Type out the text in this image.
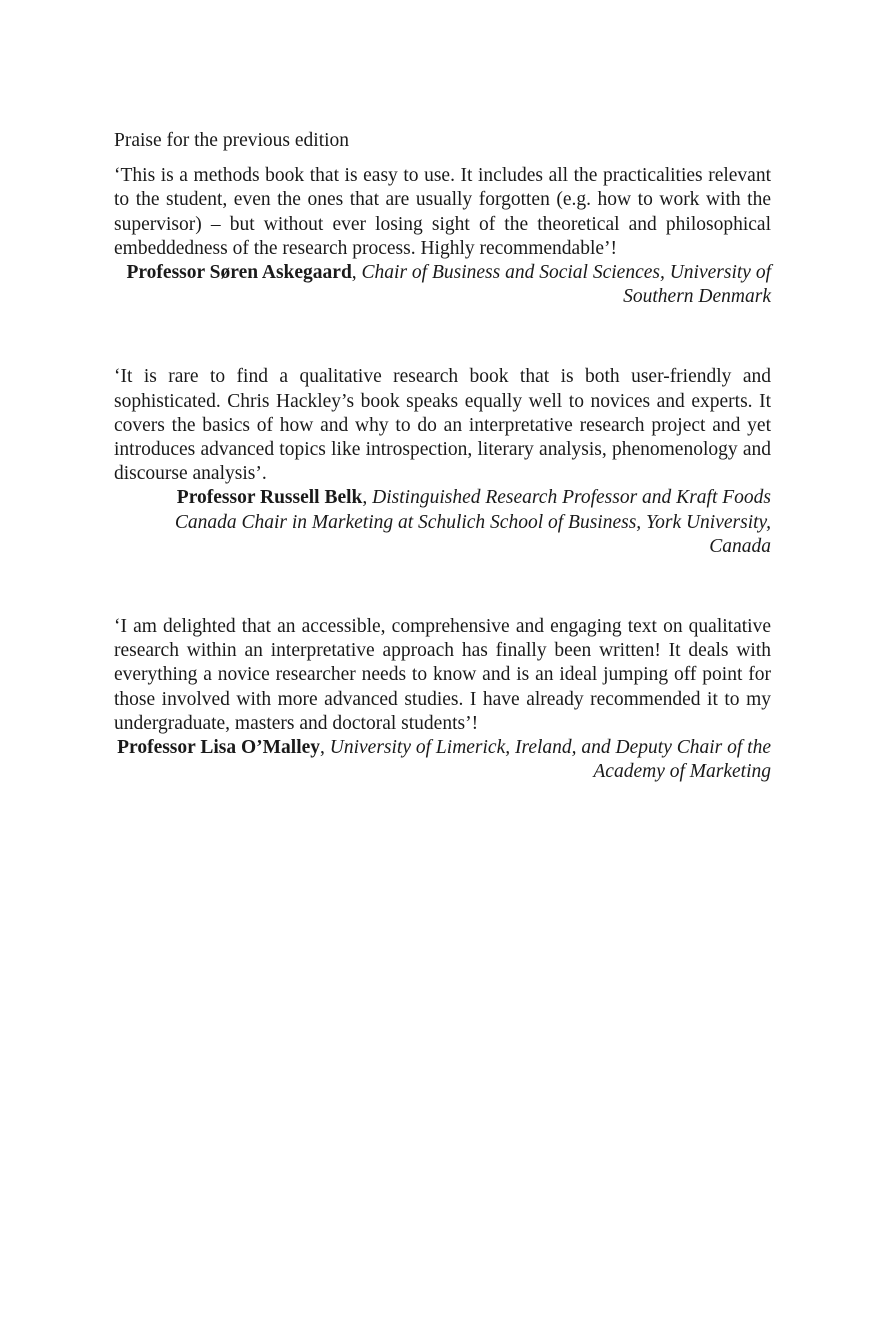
Praise for the previous edition

‘This is a methods book that is easy to use. It includes all the practicalities relevant to the student, even the ones that are usually forgotten (e.g. how to work with the supervisor) – but without ever losing sight of the theoretical and philosophical embeddedness of the research process. Highly recommendable’!

Professor Søren Askegaard, Chair of Business and Social Sciences, University of Southern Denmark

‘It is rare to find a qualitative research book that is both user-friendly and sophisticated. Chris Hackley’s book speaks equally well to novices and experts. It covers the basics of how and why to do an interpretative research project and yet introduces advanced topics like introspection, literary analysis, phenomenology and discourse analysis’.

Professor Russell Belk, Distinguished Research Professor and Kraft Foods Canada Chair in Marketing at Schulich School of Business, York University, Canada

‘I am delighted that an accessible, comprehensive and engaging text on qualitative research within an interpretative approach has finally been written! It deals with everything a novice researcher needs to know and is an ideal jumping off point for those involved with more advanced studies. I have already recommended it to my undergraduate, masters and doctoral students’!

Professor Lisa O’Malley, University of Limerick, Ireland, and Deputy Chair of the Academy of Marketing
